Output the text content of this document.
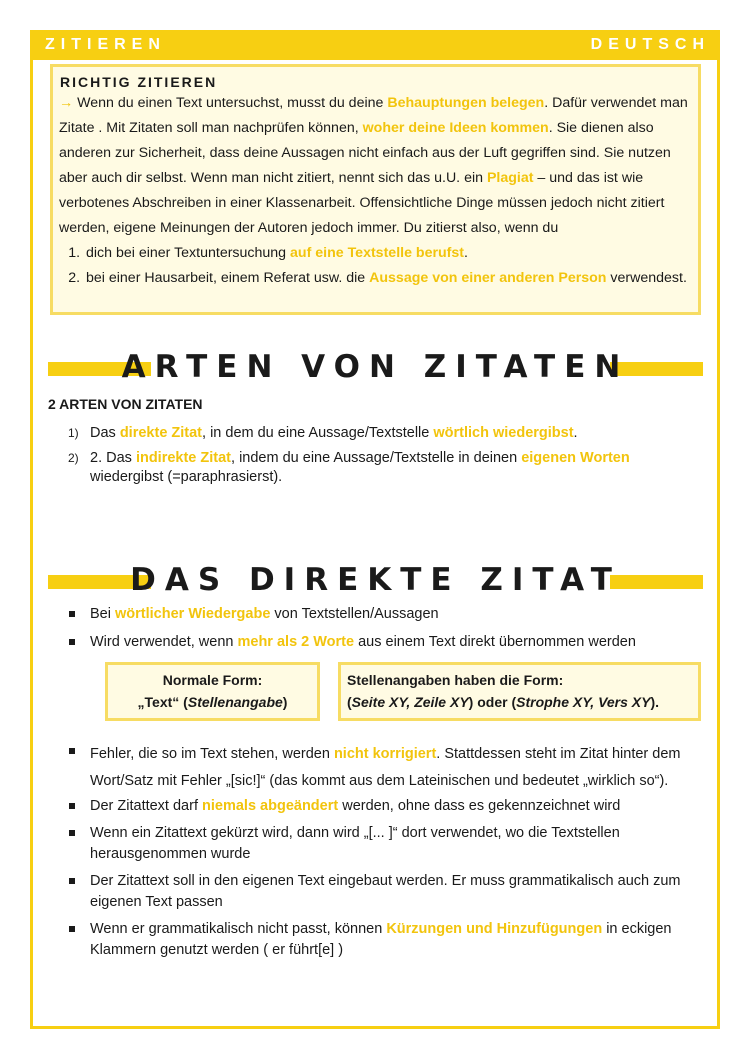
ZITIEREN	DEUTSCH
RICHTIG ZITIEREN
→ Wenn du einen Text untersuchst, musst du deine Behauptungen belegen. Dafür verwendet man Zitate . Mit Zitaten soll man nachprüfen können, woher deine Ideen kommen. Sie dienen also anderen zur Sicherheit, dass deine Aussagen nicht einfach aus der Luft gegriffen sind. Sie nutzen aber auch dir selbst. Wenn man nicht zitiert, nennt sich das u.U. ein Plagiat – und das ist wie verbotenes Abschreiben in einer Klassenarbeit. Offensichtliche Dinge müssen jedoch nicht zitiert werden, eigene Meinungen der Autoren jedoch immer. Du zitierst also, wenn du
1. dich bei einer Textuntersuchung auf eine Textstelle berufst.
2. bei einer Hausarbeit, einem Referat usw. die Aussage von einer anderen Person verwendest.
ARTEN VON ZITATEN
2 ARTEN VON ZITATEN
1) Das direkte Zitat, in dem du eine Aussage/Textstelle wörtlich wiedergibst.
2) 2. Das indirekte Zitat, indem du eine Aussage/Textstelle in deinen eigenen Worten wiedergibst (=paraphrasierst).
DAS DIREKTE ZITAT
Bei wörtlicher Wiedergabe von Textstellen/Aussagen
Wird verwendet, wenn mehr als 2 Worte aus einem Text direkt übernommen werden
Normale Form:
„Text“ (Stellenangabe)
Stellenangaben haben die Form:
(Seite XY, Zeile XY) oder (Strophe XY, Vers XY).
Fehler, die so im Text stehen, werden nicht korrigiert. Stattdessen steht im Zitat hinter dem Wort/Satz mit Fehler „[sic!]“ (das kommt aus dem Lateinischen und bedeutet „wirklich so“).
Der Zitattext darf niemals abgeändert werden, ohne dass es gekennzeichnet wird
Wenn ein Zitattext gekürzt wird, dann wird „[... ]“ dort verwendet, wo die Textstellen herausgenommen wurde
Der Zitattext soll in den eigenen Text eingebaut werden. Er muss grammatikalisch auch zum eigenen Text passen
Wenn er grammatikalisch nicht passt, können Kürzungen und Hinzufügungen in eckigen Klammern genutzt werden ( er führt[e] )
